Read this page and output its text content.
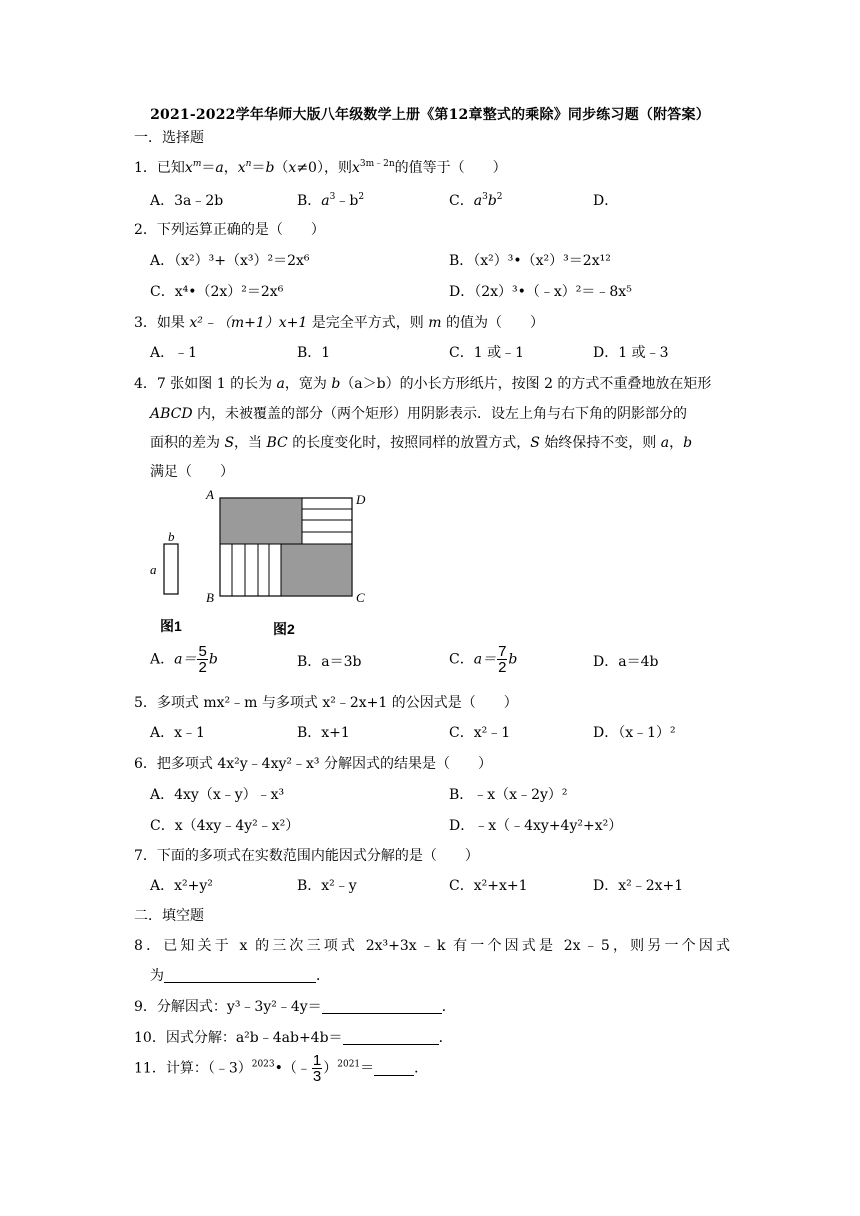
2021-2022学年华师大版八年级数学上册《第12章整式的乘除》同步练习题（附答案）
一．选择题
1．已知$x^m=a$，$x^n=b(x\ne 0)$，则$x^{3m﹣2n}$的值等于（　　）
A．3a﹣2b	B．$a^3﹣b^2$	C．$a^3b^2$	D．
2．下列运算正确的是（　　）
A．（x²）³+（x³）²＝2x⁶	B．（x²）³•（x²）³＝2x¹²
C．x⁴•（2x）²＝2x⁶	D．（2x）³•（﹣x）²＝﹣8x⁵
3．如果 x²﹣（m+1）x+1 是完全平方式，则 m 的值为（　　）
A．﹣1	B．1	C．1 或﹣1	D．1 或﹣3
4．7 张如图 1 的长为 a，宽为 b（a＞b）的小长方形纸片，按图 2 的方式不重叠地放在矩形
ABCD 内，未被覆盖的部分（两个矩形）用阴影表示．设左上角与右下角的阴影部分的
面积的差为 S，当 BC 的长度变化时，按照同样的放置方式，S 始终保持不变，则 a，b
满足（　　）
b
a
A	D
B	C
图1	图2
A．$a= \frac{5}{2}$ b	B．a＝3b	C．$a= \frac{7}{2}$ b	D．a＝4b
5．多项式 mx²﹣m 与多项式 x²﹣2x+1 的公因式是（　　）
A．x﹣1	B．x+1	C．x²﹣1	D．（x﹣1）²
6．把多项式 4x²y﹣4xy²﹣x³ 分解因式的结果是（　　）
A．4xy（x﹣y）﹣x³	B．﹣x（x﹣2y）²
C．x（4xy﹣4y²﹣x²）	D．﹣x（﹣4xy+4y²+x²）
7．下面的多项式在实数范围内能因式分解的是（　　）
A．x²+y²	B．x²﹣y	C．x²+x+1	D．x²﹣2x+1
二．填空题
8．已知关于 x 的三次三项式 2x³+3x﹣k 有一个因式是 2x﹣5，则另一个因式
为	．
9．分解因式：y³﹣3y²﹣4y＝	．
10．因式分解：a²b﹣4ab+4b＝	．
11．计算：（﹣3）$^{2023}$•（﹣ $\frac{1}{3} )^{2021}=$	．
